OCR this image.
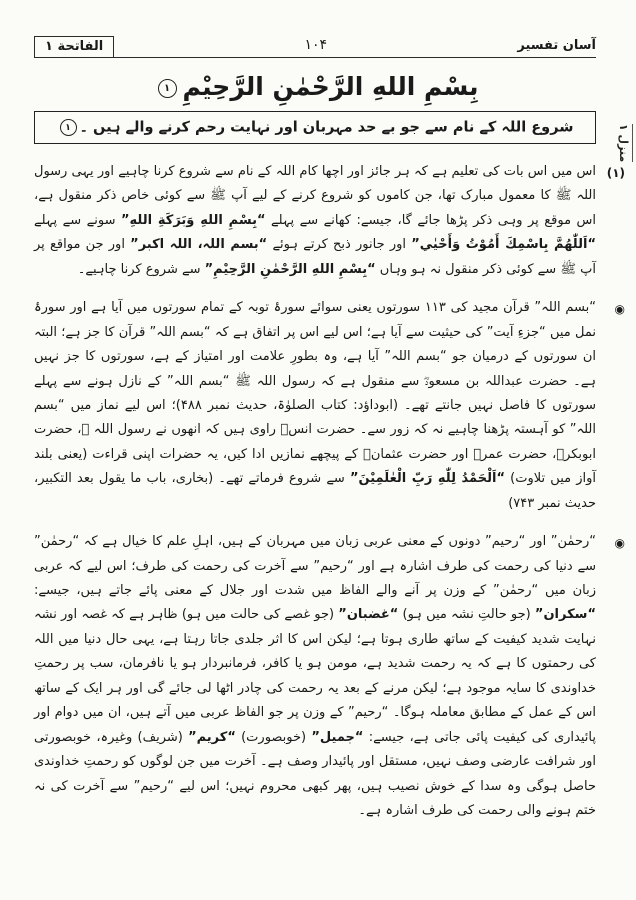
منزل ۱
آسان تفسیر
۱۰۴
الفاتحة ۱
بِسْمِ اللهِ الرَّحْمٰنِ الرَّحِيْمِ۱
شروع اللہ کے نام سے جو بے حد مہربان اور نہایت رحم کرنے والے ہیں ۔۱
(۱)
اس میں اس بات کی تعلیم ہے کہ ہر جائز اور اچھا کام اللہ کے نام سے شروع کرنا چاہیے اور یہی رسول اللہ ﷺ کا معمول مبارک تھا، جن کاموں کو شروع کرنے کے لیے آپ ﷺ سے کوئی خاص ذکر منقول ہے، اس موقع پر وہی ذکر پڑھا جائے گا، جیسے: کھانے سے پہلے “بِسْمِ اللهِ وَبَرَكَةِ اللهِ” سونے سے پہلے “اَللّٰهُمَّ بِاسْمِكَ أَمُوْتُ وَأَحْيٰي” اور جانور ذبح کرتے ہوئے “بسم اللہ، اللہ اکبر” اور جن مواقع پر آپ ﷺ سے کوئی ذکر منقول نہ ہو وہاں “بِسْمِ اللهِ الرَّحْمٰنِ الرَّحِيْمِ” سے شروع کرنا چاہیے۔
◉
“بسم اللہ” قرآن مجید کی ۱۱۳ سورتوں یعنی سوائے سورۂ توبہ کے تمام سورتوں میں آیا ہے اور سورۂ نمل میں “جزءِ آیت” کی حیثیت سے آیا ہے؛ اس لیے اس پر اتفاق ہے کہ “بسم اللہ” قرآن کا جز ہے؛ البتہ ان سورتوں کے درمیان جو “بسم اللہ” آیا ہے، وہ بطورِ علامت اور امتیاز کے ہے، سورتوں کا جز نہیں ہے۔ حضرت عبداللہ بن مسعودؓ سے منقول ہے کہ رسول اللہ ﷺ “بسم اللہ” کے نازل ہونے سے پہلے سورتوں کا فاصل نہیں جانتے تھے۔ (ابوداؤد: کتاب الصلوٰۃ، حدیث نمبر ۴۸۸)؛ اس لیے نماز میں “بسم اللہ” کو آہستہ پڑھنا چاہیے نہ کہ زور سے۔ حضرت انسؓ راوی ہیں کہ انھوں نے رسول اللہ ﷺ، حضرت ابوبکرؓ، حضرت عمرؓ اور حضرت عثمانؓ کے پیچھے نمازیں ادا کیں، یہ حضرات اپنی قراءت (یعنی بلند آواز میں تلاوت) “اَلْحَمْدُ لِلّٰهِ رَبِّ الْعٰلَمِيْنَ” سے شروع فرماتے تھے۔ (بخاری، باب ما یقول بعد التکبیر، حدیث نمبر ۷۴۳)
◉
“رحمٰن” اور “رحیم” دونوں کے معنی عربی زبان میں مہربان کے ہیں، اہلِ علم کا خیال ہے کہ “رحمٰن” سے دنیا کی رحمت کی طرف اشارہ ہے اور “رحیم” سے آخرت کی رحمت کی طرف؛ اس لیے کہ عربی زبان میں “رحمٰن” کے وزن پر آنے والے الفاظ میں شدت اور جلال کے معنی پائے جاتے ہیں، جیسے: “سکران” (جو حالتِ نشہ میں ہو) “غضبان” (جو غصے کی حالت میں ہو) ظاہر ہے کہ غصہ اور نشہ نہایت شدید کیفیت کے ساتھ طاری ہوتا ہے؛ لیکن اس کا اثر جلدی جاتا رہتا ہے، یہی حال دنیا میں اللہ کی رحمتوں کا ہے کہ یہ رحمت شدید ہے، مومن ہو یا کافر، فرمانبردار ہو یا نافرمان، سب پر رحمتِ خداوندی کا سایہ موجود ہے؛ لیکن مرنے کے بعد یہ رحمت کی چادر اٹھا لی جائے گی اور ہر ایک کے ساتھ اس کے عمل کے مطابق معاملہ ہوگا۔ “رحیم” کے وزن پر جو الفاظ عربی میں آتے ہیں، ان میں دوام اور پائیداری کی کیفیت پائی جاتی ہے، جیسے: “جمیل” (خوبصورت) “کریم” (شریف) وغیرہ، خوبصورتی اور شرافت عارضی وصف نہیں، مستقل اور پائیدار وصف ہے۔ آخرت میں جن لوگوں کو رحمتِ خداوندی حاصل ہوگی وہ سدا کے خوش نصیب ہیں، پھر کبھی محروم نہیں؛ اس لیے “رحیم” سے آخرت کی نہ ختم ہونے والی رحمت کی طرف اشارہ ہے۔
